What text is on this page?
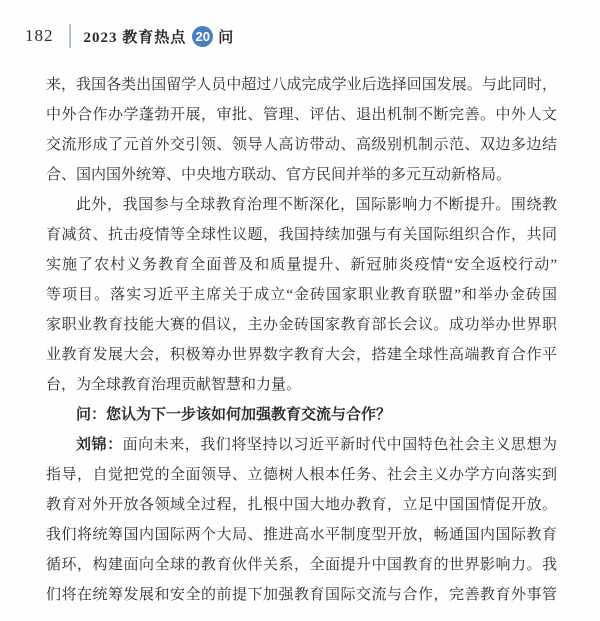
182 2023 教育热点 20 问
来，我国各类出国留学人员中超过八成完成学业后选择回国发展。与此同时，
中外合作办学蓬勃开展，审批、管理、评估、退出机制不断完善。中外人文
交流形成了元首外交引领、领导人高访带动、高级别机制示范、双边多边结
合、国内国外统筹、中央地方联动、官方民间并举的多元互动新格局。
此外，我国参与全球教育治理不断深化，国际影响力不断提升。围绕教
育减贫、抗击疫情等全球性议题，我国持续加强与有关国际组织合作，共同
实施了农村义务教育全面普及和质量提升、新冠肺炎疫情“安全返校行动”
等项目。落实习近平主席关于成立“金砖国家职业教育联盟”和举办金砖国
家职业教育技能大赛的倡议，主办金砖国家教育部长会议。成功举办世界职
业教育发展大会，积极筹办世界数字教育大会，搭建全球性高端教育合作平
台，为全球教育治理贡献智慧和力量。
问：您认为下一步该如何加强教育交流与合作？
刘锦：面向未来，我们将坚持以习近平新时代中国特色社会主义思想为
指导，自觉把党的全面领导、立德树人根本任务、社会主义办学方向落实到
教育对外开放各领域全过程，扎根中国大地办教育，立足中国国情促开放。
我们将统筹国内国际两个大局、推进高水平制度型开放，畅通国内国际教育
循环，构建面向全球的教育伙伴关系，全面提升中国教育的世界影响力。我
们将在统筹发展和安全的前提下加强教育国际交流与合作，完善教育外事管
